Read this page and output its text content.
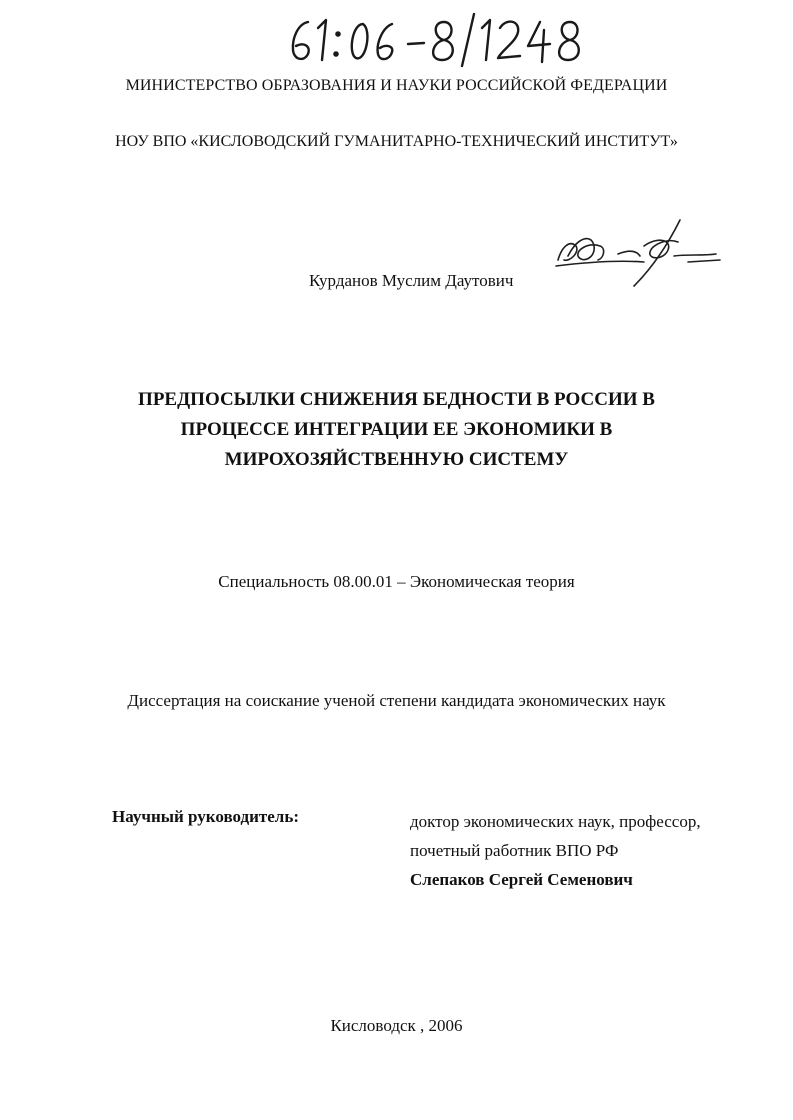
МИНИСТЕРСТВО ОБРАЗОВАНИЯ И НАУКИ РОССИЙСКОЙ ФЕДЕРАЦИИ
НОУ ВПО «КИСЛОВОДСКИЙ ГУМАНИТАРНО-ТЕХНИЧЕСКИЙ ИНСТИТУТ»
Курданов Муслим Даутович
ПРЕДПОСЫЛКИ СНИЖЕНИЯ БЕДНОСТИ В РОССИИ В
ПРОЦЕССЕ ИНТЕГРАЦИИ ЕЕ ЭКОНОМИКИ В
МИРОХОЗЯЙСТВЕННУЮ СИСТЕМУ
Специальность 08.00.01 – Экономическая теория
Диссертация на соискание ученой степени кандидата экономических наук
Научный руководитель:	доктор экономических наук, профессор,
почетный работник ВПО РФ
Слепаков Сергей Семенович
Кисловодск , 2006
